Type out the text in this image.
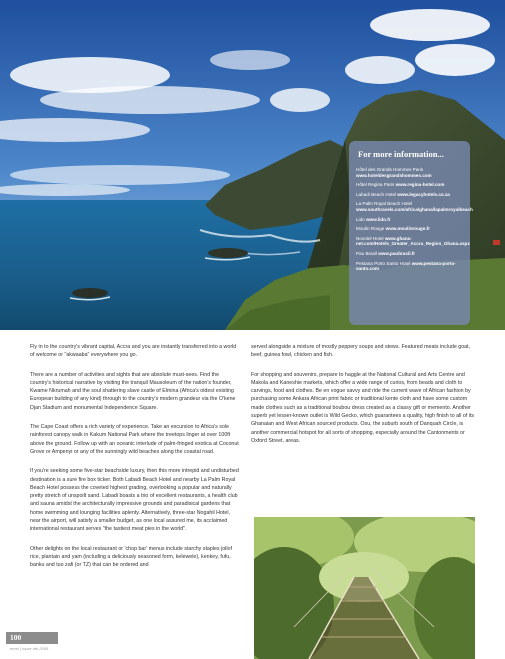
For more information...
Hôtel des Grands Hommes Paris www.hoteldesgrandshommes.com
Hôtel Regina Paris www.regina-hotel.com
Labadi Beach Hotel www.legacyhotels.co.za
La Palm Royal Beach Hotel www.southravels.com/africa/ghana/lapalmroyalbeach
Lido www.lido.fr
Moulin Rouge www.moulinrouge.fr
Novotel Hotel www.ghana-net.com/Hotels_Greater_Accra_Region_Ghana.aspx
Pau Brasil www.paubrasil.fr
Pestana Porto Santo Hotel www.pestana-porto-santo.com

Fly in to the country's vibrant capital, Accra and you are instantly transferred into a world of welcome or "akwaaba" everywhere you go.

There are a number of activities and sights that are absolute must-sees. Find the country's historical narrative by visiting the tranquil Mausoleum of the nation's founder, Kwame Nkrumah and the soul shattering slave castle of Elmina (Africa's oldest existing European building of any kind) through to the country's modern grandeur via the O'kene Djan Stadium and monumental Independence Square.

The Cape Coast offers a rich variety of experience. Take an excursion to Africa's sole rainforest canopy walk in Kakum National Park where the treetops linger at over 100ft above the ground. Follow up with an oceanic interlude of palm-fringed exotica at Coconut Grove or Ampenyi or any of the sunningly wild beaches along the coastal road.

If you're seeking some five-star beachside luxury, then this more intrepid and undisturbed destination is a sure fire box ticker. Both Labadi Beach Hotel and nearby La Palm Royal Beach Hotel possess the coveted highest grading, overlooking a popular and naturally pretty stretch of unspoilt sand. Labadi boasts a trio of excellent restaurants, a health club and sauna amidst the architecturally impressive grounds and paradisical gardens that home swimming and lounging facilities aplenty. Alternatively, three-star Nogahil Hotel, near the airport, will satisfy a smaller budget, as one local assured me, its acclaimed international restaurant serves "the tastiest meat pies in the world".

Other delights on the local restaurant or 'chop bar' menus include starchy staples jollof rice, plantain and yam (including a deliciously seasoned form, kelewele), kenkey, fufu, banku and tuo zafi (or TZ) that can be ordered and

served alongside a mixture of mostly peppery soups and stews. Featured meats include goat, beef, guinea fowl, chicken and fish.

For shopping and souvenirs, prepare to haggle at the National Cultural and Arts Centre and Makola and Kaneshie markets, which offer a wide range of curios, from beads and cloth to carvings, food and clothes. Be en vogue savvy and ride the current wave of African fashion by purchasing some Ankara African print fabric or traditional kente cloth and have some custom made clothes such as a traditional boubou dress created as a classy gift or memento. Another superb yet lesser-known outlet is Wild Gecko, which guarantees a quality, high finish to all of its Ghanaian and West African sourced products. Osu, the suburb south of Danquah Circle, is another commercial hotspot for all sorts of shopping, especially around the Cantonments or Oxford Street, areas.

100
enrol | issue nth 2009
